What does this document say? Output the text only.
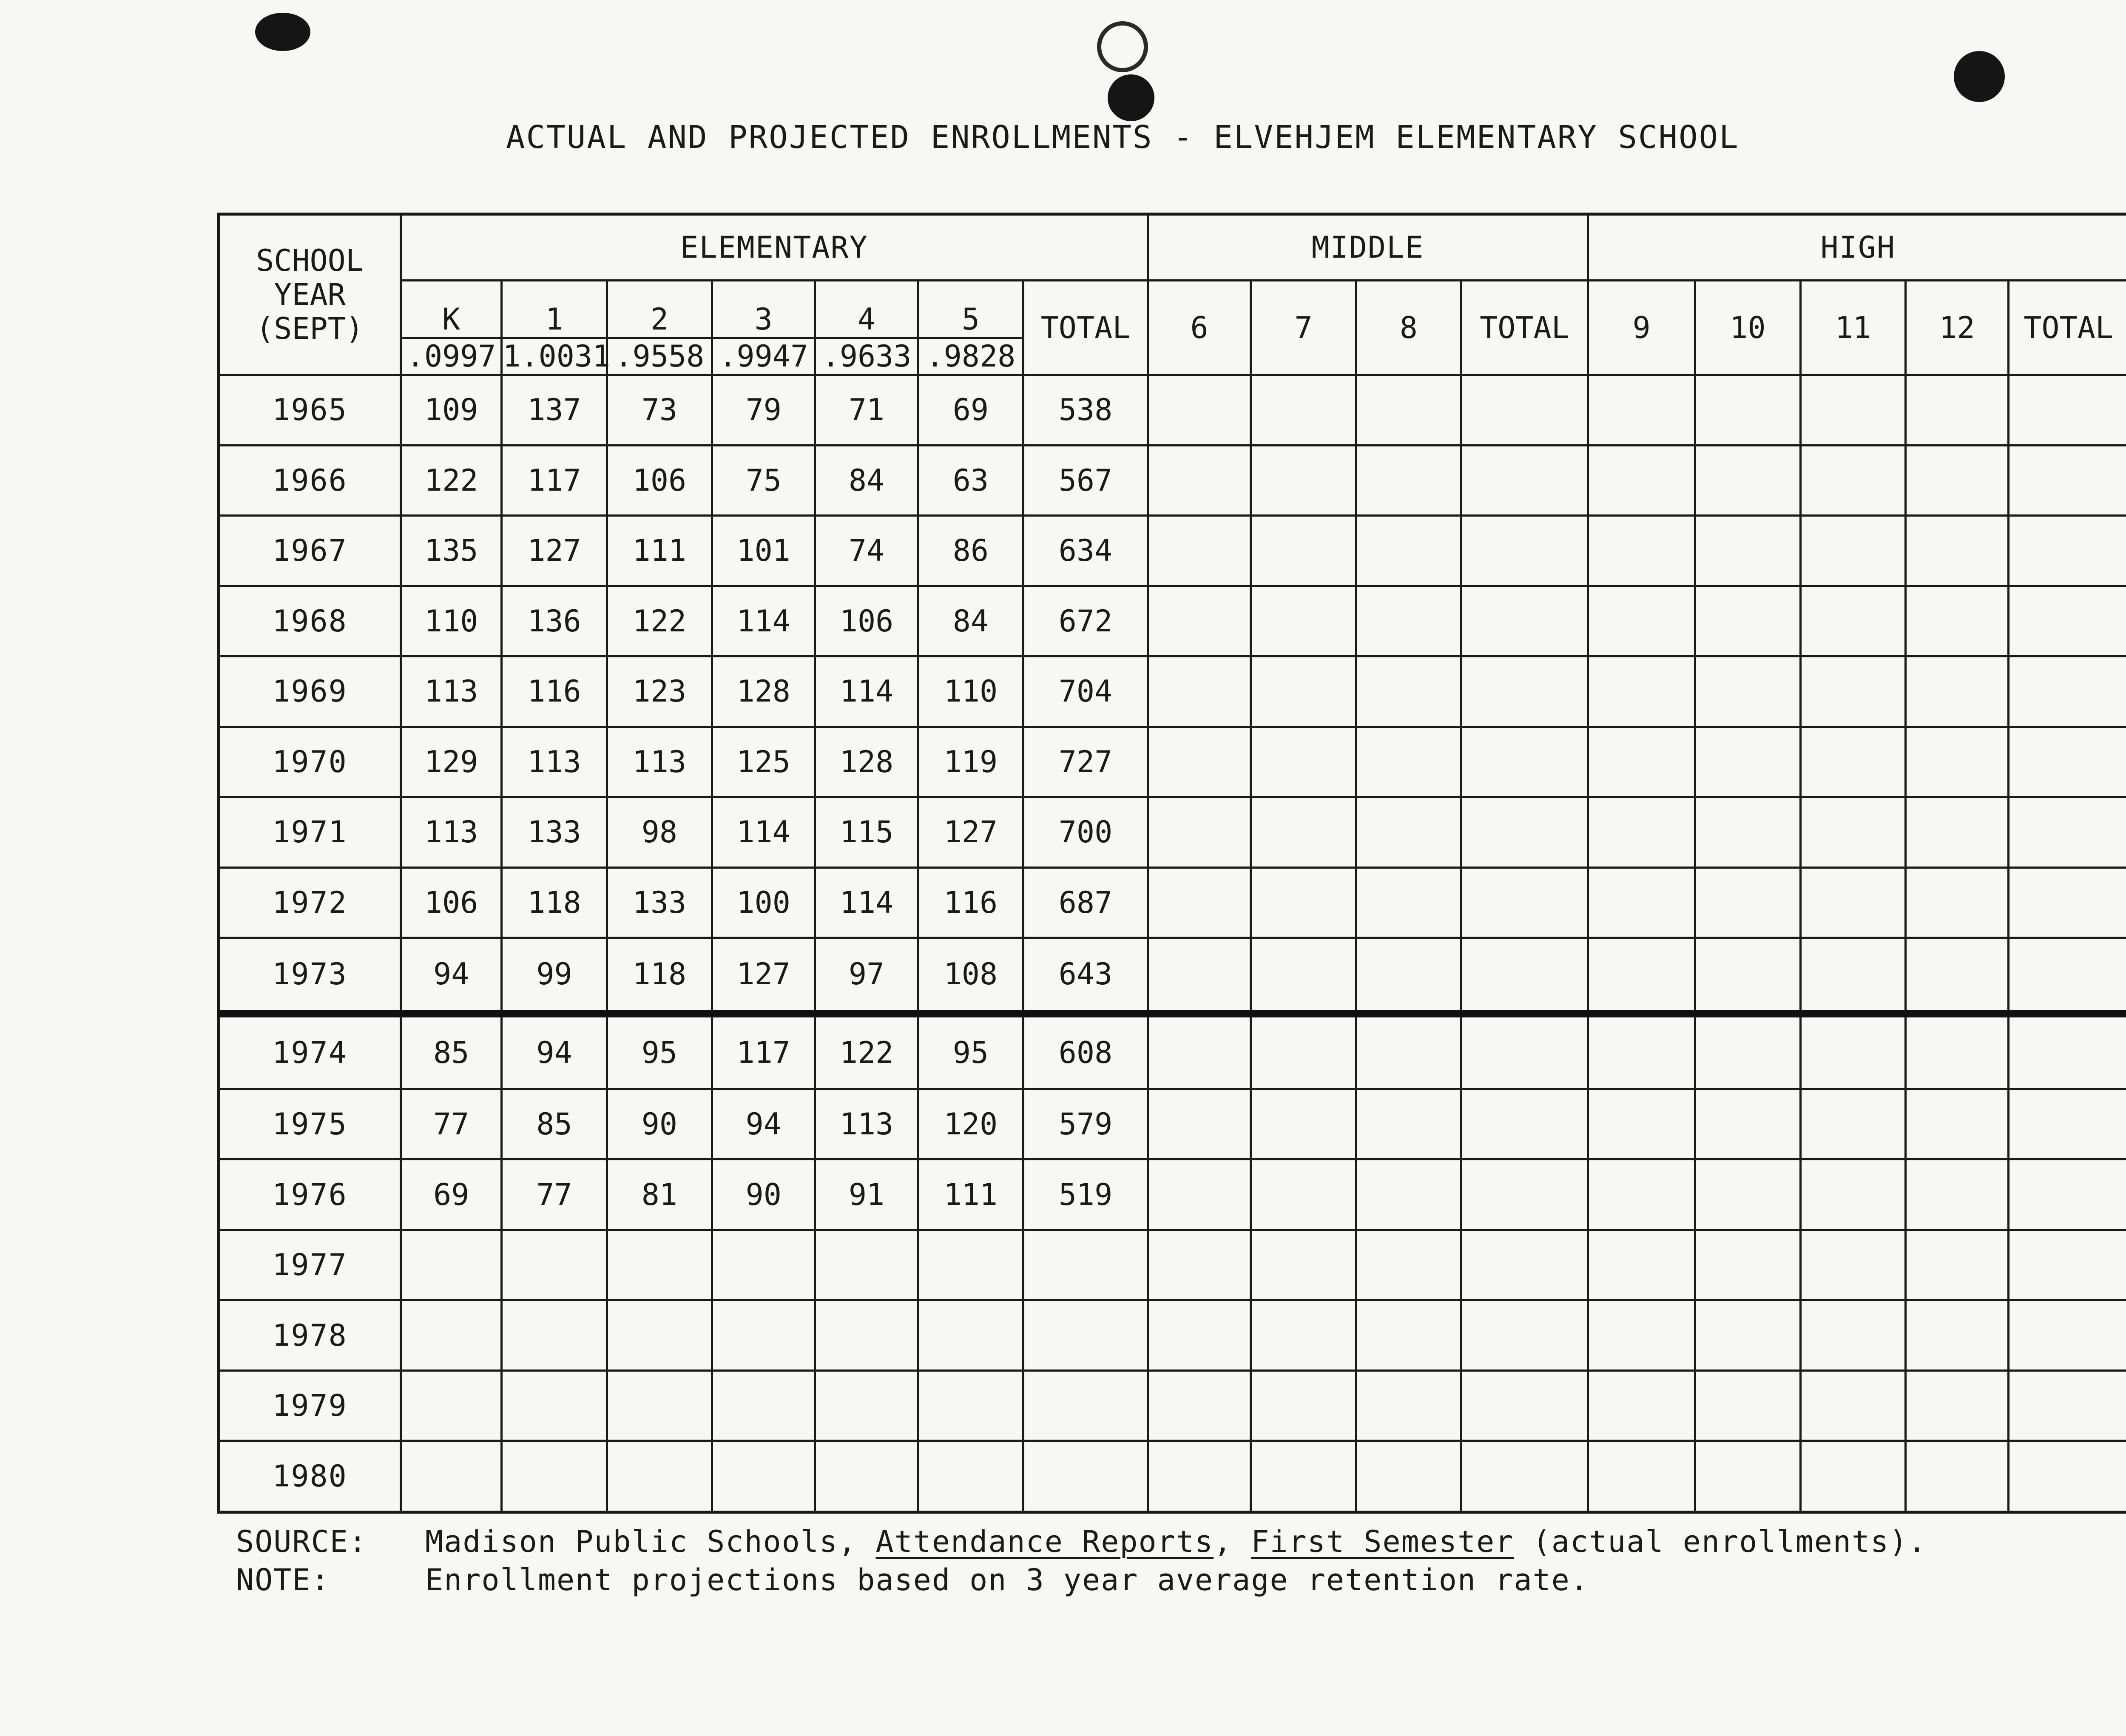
ACTUAL AND PROJECTED ENROLLMENTS - ELVEHJEM ELEMENTARY SCHOOL
SCHOOL
YEAR
(SEPT)	ELEMENTARY							MIDDLE				HIGH				
	K	1	2	3	4	5	TOTAL	6	7	8	TOTAL	9	10	11	12	TOTAL
	.0997	1.0031	.9558	.9947	.9633	.9828										
1965	109	137	73	79	71	69	538									
1966	122	117	106	75	84	63	567									
1967	135	127	111	101	74	86	634									
1968	110	136	122	114	106	84	672									
1969	113	116	123	128	114	110	704									
1970	129	113	113	125	128	119	727									
1971	113	133	98	114	115	127	700									
1972	106	118	133	100	114	116	687									
1973	94	99	118	127	97	108	643									
1974	85	94	95	117	122	95	608									
1975	77	85	90	94	113	120	579									
1976	69	77	81	90	91	111	519									
1977																
1978																
1979																
1980																
SOURCE: Madison Public Schools, Attendance Reports, First Semester (actual enrollments).
NOTE:	Enrollment projections based on 3 year average retention rate.
